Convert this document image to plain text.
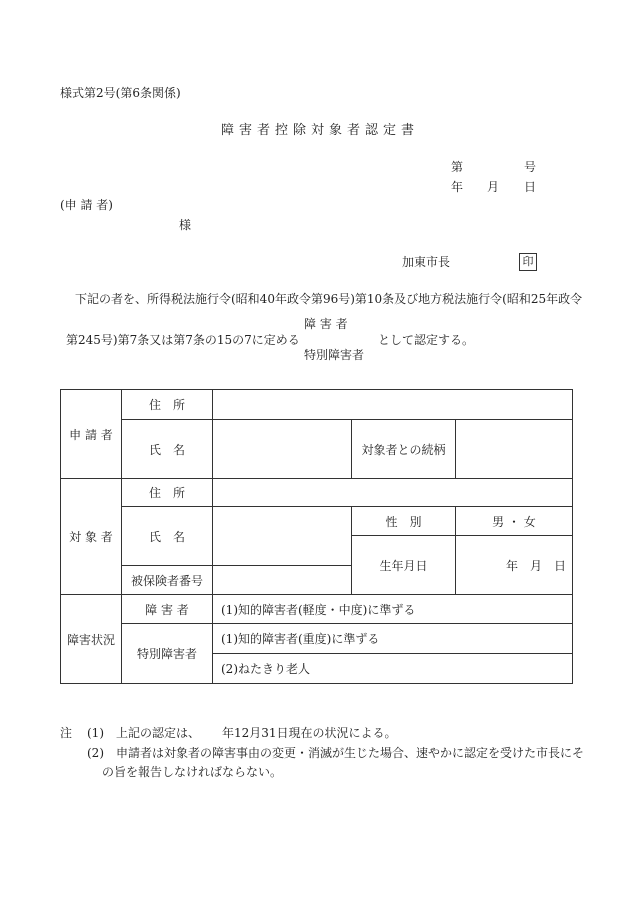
様式第2号(第6条関係)
障害者控除対象者認定書
第	号
年 月 日
(申 請 者)
様
加東市長	印
下記の者を、所得税法施行令(昭和40年政令第96号)第10条及び地方税法施行令(昭和25年政令
第245号)第7条又は第7条の15の7に定める
障 害 者
特別障害者
として認定する。
申 請 者	住　所			
	氏　名		対象者との続柄	
対 象 者	住　所			
	氏　名		性　別	男 ・ 女
			生年月日	年　月　日
	被保険者番号			
障害状況	障 害 者	(1)知的障害者(軽度・中度)に準ずる		
	特別障害者	(1)知的障害者(重度)に準ずる		
		(2)ねたきり老人		
注 (1) 上記の認定は、 年12月31日現在の状況による。
(2) 申請者は対象者の障害事由の変更・消滅が生じた場合、速やかに認定を受けた市長にそ
の旨を報告しなければならない。
